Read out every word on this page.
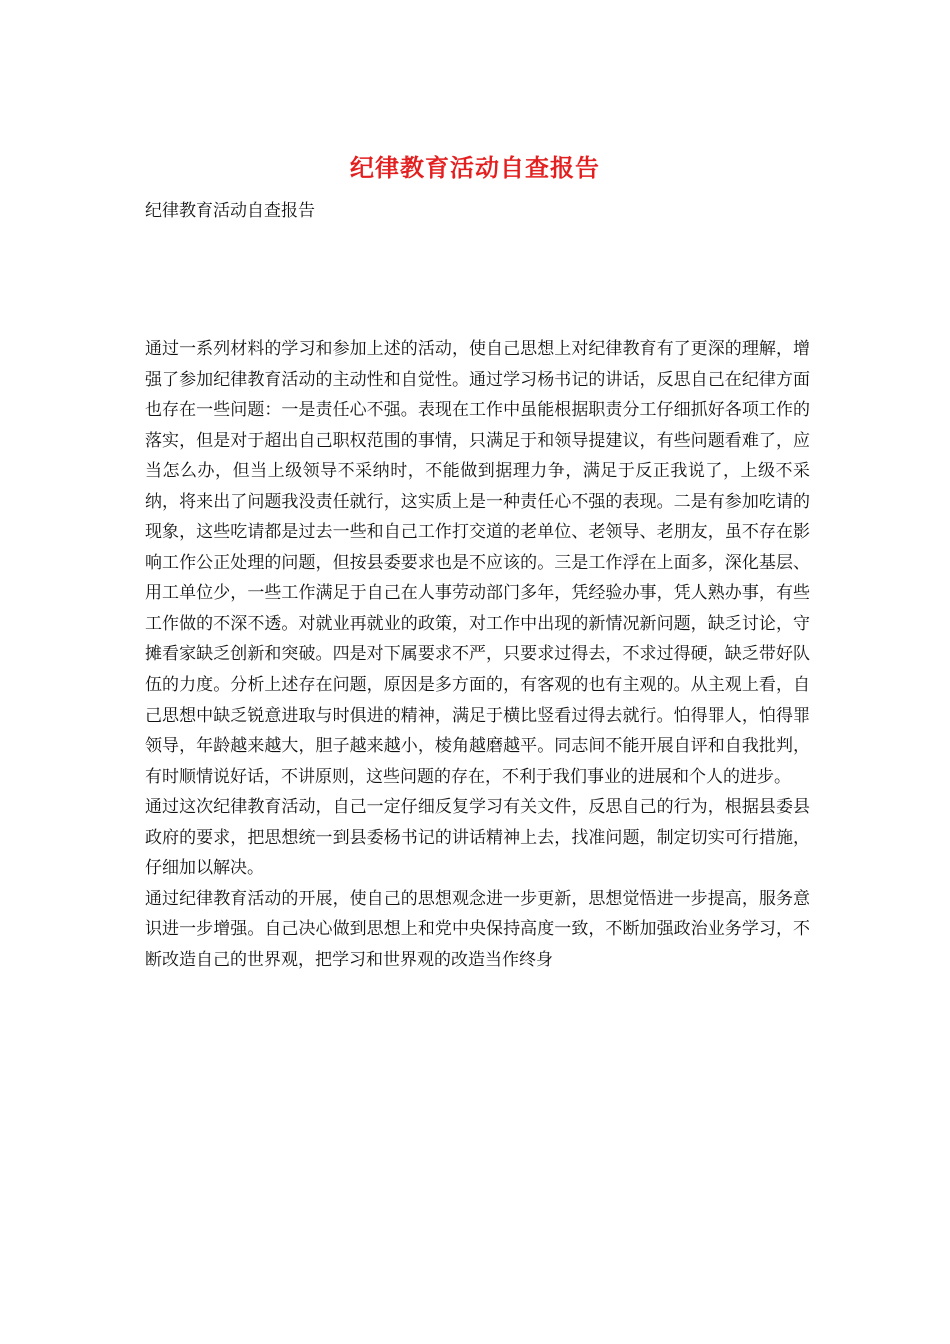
纪律教育活动自查报告
纪律教育活动自查报告

通过一系列材料的学习和参加上述的活动，使自己思想上对纪律教育有了更深的理解，增强了参加纪律教育活动的主动性和自觉性。通过学习杨书记的讲话，反思自己在纪律方面也存在一些问题：一是责任心不强。表现在工作中虽能根据职责分工仔细抓好各项工作的落实，但是对于超出自己职权范围的事情，只满足于和领导提建议，有些问题看难了，应当怎么办，但当上级领导不采纳时，不能做到据理力争，满足于反正我说了，上级不采纳，将来出了问题我没责任就行，这实质上是一种责任心不强的表现。二是有参加吃请的现象，这些吃请都是过去一些和自己工作打交道的老单位、老领导、老朋友，虽不存在影响工作公正处理的问题，但按县委要求也是不应该的。三是工作浮在上面多，深化基层、用工单位少，一些工作满足于自己在人事劳动部门多年，凭经验办事，凭人熟办事，有些工作做的不深不透。对就业再就业的政策，对工作中出现的新情况新问题，缺乏讨论，守摊看家缺乏创新和突破。四是对下属要求不严，只要求过得去，不求过得硬，缺乏带好队伍的力度。分析上述存在问题，原因是多方面的，有客观的也有主观的。从主观上看，自己思想中缺乏锐意进取与时俱进的精神，满足于横比竖看过得去就行。怕得罪人，怕得罪领导，年龄越来越大，胆子越来越小，棱角越磨越平。同志间不能开展自评和自我批判，有时顺情说好话，不讲原则，这些问题的存在，不利于我们事业的进展和个人的进步。

通过这次纪律教育活动，自己一定仔细反复学习有关文件，反思自己的行为，根据县委县政府的要求，把思想统一到县委杨书记的讲话精神上去，找准问题，制定切实可行措施，仔细加以解决。

通过纪律教育活动的开展，使自己的思想观念进一步更新，思想觉悟进一步提高，服务意识进一步增强。自己决心做到思想上和党中央保持高度一致，不断加强政治业务学习，不断改造自己的世界观，把学习和世界观的改造当作终身
